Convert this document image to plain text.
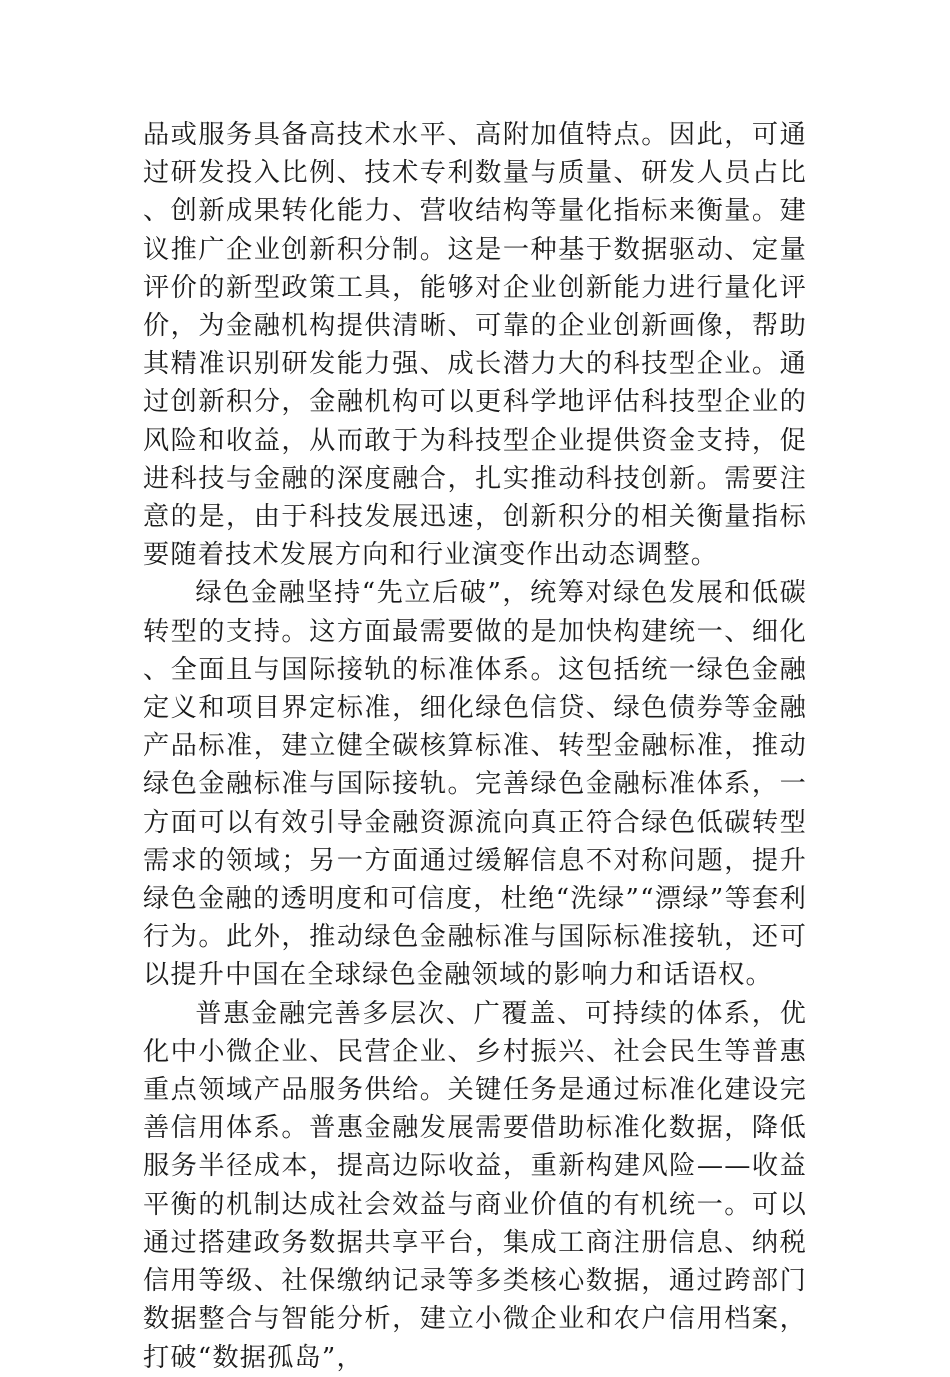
品或服务具备高技术水平、高附加值特点。因此，可通过研发投入比例、技术专利数量与质量、研发人员占比、创新成果转化能力、营收结构等量化指标来衡量。建议推广企业创新积分制。这是一种基于数据驱动、定量评价的新型政策工具，能够对企业创新能力进行量化评价，为金融机构提供清晰、可靠的企业创新画像，帮助其精准识别研发能力强、成长潜力大的科技型企业。通过创新积分，金融机构可以更科学地评估科技型企业的风险和收益，从而敢于为科技型企业提供资金支持，促进科技与金融的深度融合，扎实推动科技创新。需要注意的是，由于科技发展迅速，创新积分的相关衡量指标要随着技术发展方向和行业演变作出动态调整。

绿色金融坚持“先立后破”，统筹对绿色发展和低碳转型的支持。这方面最需要做的是加快构建统一、细化、全面且与国际接轨的标准体系。这包括统一绿色金融定义和项目界定标准，细化绿色信贷、绿色债券等金融产品标准，建立健全碳核算标准、转型金融标准，推动绿色金融标准与国际接轨。完善绿色金融标准体系，一方面可以有效引导金融资源流向真正符合绿色低碳转型需求的领域；另一方面通过缓解信息不对称问题，提升绿色金融的透明度和可信度，杜绝“洗绿”“漂绿”等套利行为。此外，推动绿色金融标准与国际标准接轨，还可以提升中国在全球绿色金融领域的影响力和话语权。

普惠金融完善多层次、广覆盖、可持续的体系，优化中小微企业、民营企业、乡村振兴、社会民生等普惠重点领域产品服务供给。关键任务是通过标准化建设完善信用体系。普惠金融发展需要借助标准化数据，降低服务半径成本，提高边际收益，重新构建风险——收益平衡的机制达成社会效益与商业价值的有机统一。可以通过搭建政务数据共享平台，集成工商注册信息、纳税信用等级、社保缴纳记录等多类核心数据，通过跨部门数据整合与智能分析，建立小微企业和农户信用档案，打破“数据孤岛”，
